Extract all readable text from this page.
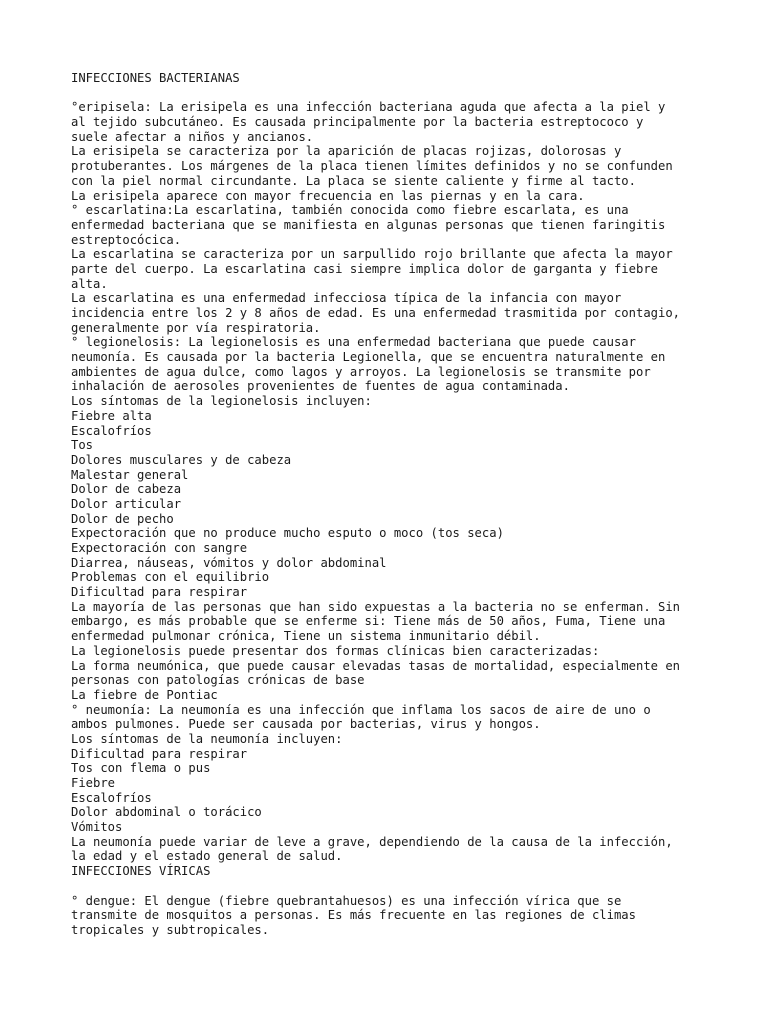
INFECCIONES BACTERIANAS
°eripisela: La erisipela es una infección bacteriana aguda que afecta a la piel y
al tejido subcutáneo. Es causada principalmente por la bacteria estreptococo y
suele afectar a niños y ancianos.
La erisipela se caracteriza por la aparición de placas rojizas, dolorosas y
protuberantes. Los márgenes de la placa tienen límites definidos y no se confunden
con la piel normal circundante. La placa se siente caliente y firme al tacto.
La erisipela aparece con mayor frecuencia en las piernas y en la cara.
° escarlatina:La escarlatina, también conocida como fiebre escarlata, es una
enfermedad bacteriana que se manifiesta en algunas personas que tienen faringitis
estreptocócica.
La escarlatina se caracteriza por un sarpullido rojo brillante que afecta la mayor
parte del cuerpo. La escarlatina casi siempre implica dolor de garganta y fiebre
alta.
La escarlatina es una enfermedad infecciosa típica de la infancia con mayor
incidencia entre los 2 y 8 años de edad. Es una enfermedad trasmitida por contagio,
generalmente por vía respiratoria.
° legionelosis: La legionelosis es una enfermedad bacteriana que puede causar
neumonía. Es causada por la bacteria Legionella, que se encuentra naturalmente en
ambientes de agua dulce, como lagos y arroyos. La legionelosis se transmite por
inhalación de aerosoles provenientes de fuentes de agua contaminada.
Los síntomas de la legionelosis incluyen:
Fiebre alta
Escalofríos
Tos
Dolores musculares y de cabeza
Malestar general
Dolor de cabeza
Dolor articular
Dolor de pecho
Expectoración que no produce mucho esputo o moco (tos seca)
Expectoración con sangre
Diarrea, náuseas, vómitos y dolor abdominal
Problemas con el equilibrio
Dificultad para respirar
La mayoría de las personas que han sido expuestas a la bacteria no se enferman. Sin
embargo, es más probable que se enferme si: Tiene más de 50 años, Fuma, Tiene una
enfermedad pulmonar crónica, Tiene un sistema inmunitario débil.
La legionelosis puede presentar dos formas clínicas bien caracterizadas:
La forma neumónica, que puede causar elevadas tasas de mortalidad, especialmente en
personas con patologías crónicas de base
La fiebre de Pontiac
° neumonía: La neumonía es una infección que inflama los sacos de aire de uno o
ambos pulmones. Puede ser causada por bacterias, virus y hongos.
Los síntomas de la neumonía incluyen:
Dificultad para respirar
Tos con flema o pus
Fiebre
Escalofríos
Dolor abdominal o torácico
Vómitos
La neumonía puede variar de leve a grave, dependiendo de la causa de la infección,
la edad y el estado general de salud.
INFECCIONES VÍRICAS
° dengue: El dengue (fiebre quebrantahuesos) es una infección vírica que se
transmite de mosquitos a personas. Es más frecuente en las regiones de climas
tropicales y subtropicales.
